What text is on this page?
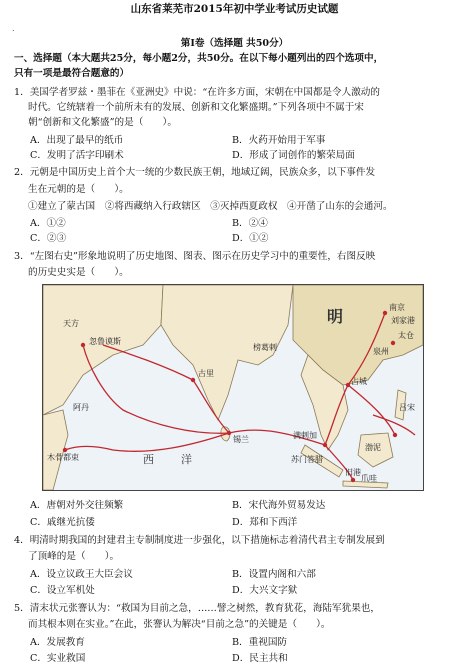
山东省莱芜市2015年初中学业考试历史试题
.
第Ⅰ卷（选择题 共50分）
一、选择题（本大题共25分，每小题2分，共50分。在以下每小题列出的四个选项中，
只有一项是最符合题意的）
1．美国学者罗兹・墨菲在《亚洲史》中说：“在许多方面，宋朝在中国都是令人激动的
时代。它统辖着一个前所未有的发展、创新和文化繁盛期。”下列各项中不属于宋
朝“创新和文化繁盛”的是（　　）。
A．出现了最早的纸币	B．火药开始用于军事
C．发明了活字印刷术	D．形成了词创作的繁荣局面
2．元朝是中国历史上首个大一统的少数民族王朝，地域辽阔，民族众多，以下事件发
生在元朝的是（　　）。
①建立了蒙古国　②将西藏纳入行政辖区　③灭掉西夏政权　④开凿了山东的会通河。
A．①②	B．②④
C．②③	D．①②
3．“左图右史”形象地说明了历史地图、图表、图示在历史学习中的重要性，右图反映
的历史史实是（　　）。
明	南京
刘家港
太仓
泉州
占城
吕宋
渤泥
满剌加
苏门答腊
旧港
爪哇
锡兰
古里
榜葛剌
忽鲁谟斯
天方
阿丹
木骨都束	西　洋
A．唐朝对外交往频繁	B．宋代海外贸易发达
C．戚继光抗倭	D．郑和下西洋
4．明清时期我国的封建君主专制制度进一步强化，以下措施标志着清代君主专制发展到
了顶峰的是（　　）。
A．设立议政王大臣会议	B．设置内阁和六部
C．设立军机处	D．大兴文字狱
5．清末状元张謇认为：“救国为目前之急，……譬之树然，教育犹花，海陆军犹果也，
而其根本则在实业。”在此，张謇认为解决“目前之急”的关键是（　　）。
A．发展教育	B．重视国防
C．实业救国	D．民主共和
